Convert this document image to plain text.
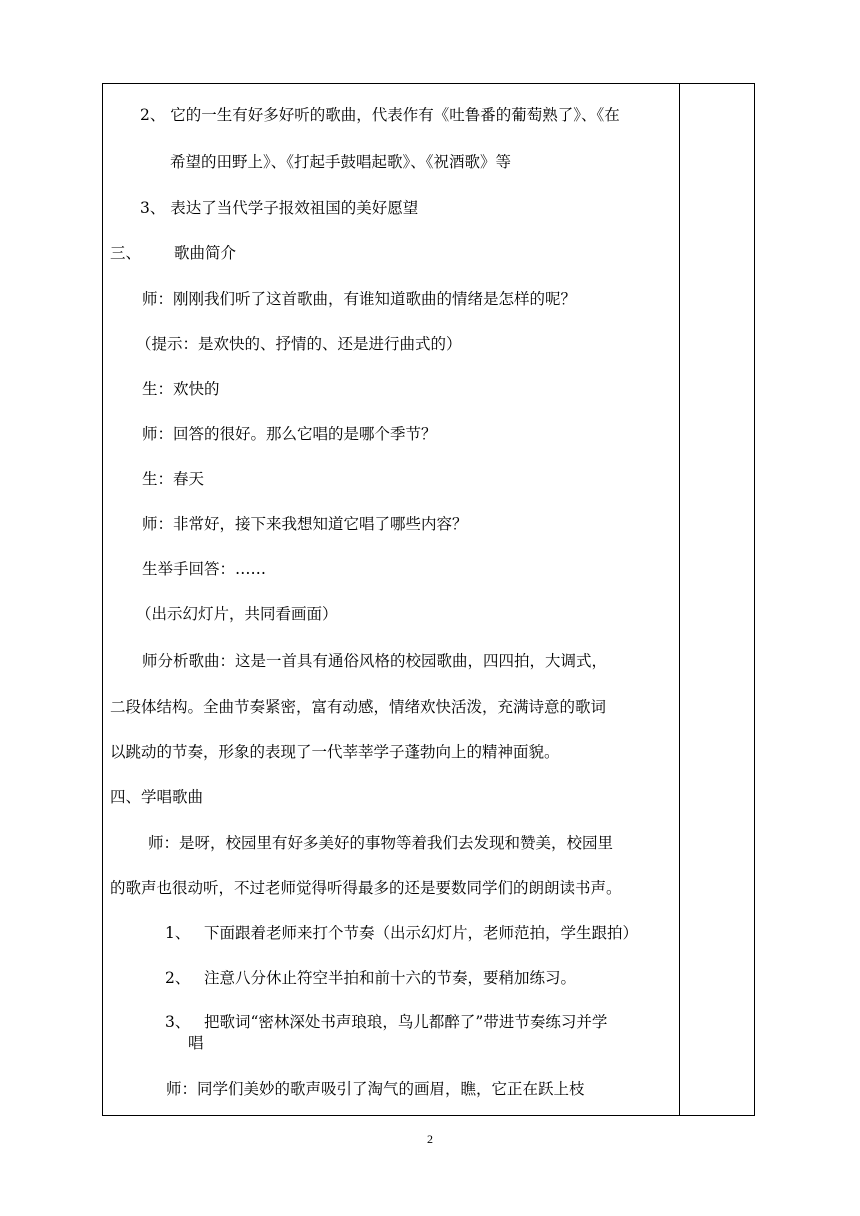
2、 它的一生有好多好听的歌曲，代表作有《吐鲁番的葡萄熟了》、《在
希望的田野上》、《打起手鼓唱起歌》、《祝酒歌》等
3、 表达了当代学子报效祖国的美好愿望
三、 歌曲简介
师：刚刚我们听了这首歌曲，有谁知道歌曲的情绪是怎样的呢？
（提示：是欢快的、抒情的、还是进行曲式的）
生：欢快的
师：回答的很好。那么它唱的是哪个季节？
生：春天
师：非常好，接下来我想知道它唱了哪些内容？
生举手回答：……
（出示幻灯片，共同看画面）
师分析歌曲：这是一首具有通俗风格的校园歌曲，四四拍，大调式，
二段体结构。全曲节奏紧密，富有动感，情绪欢快活泼，充满诗意的歌词
以跳动的节奏，形象的表现了一代莘莘学子蓬勃向上的精神面貌。
四、学唱歌曲
师：是呀，校园里有好多美好的事物等着我们去发现和赞美，校园里
的歌声也很动听，不过老师觉得听得最多的还是要数同学们的朗朗读书声。
1、 下面跟着老师来打个节奏（出示幻灯片，老师范拍，学生跟拍）
2、 注意八分休止符空半拍和前十六的节奏，要稍加练习。
3、 把歌词“密林深处书声琅琅，鸟儿都醉了”带进节奏练习并学
唱
师：同学们美妙的歌声吸引了淘气的画眉，瞧，它正在跃上枝
2
